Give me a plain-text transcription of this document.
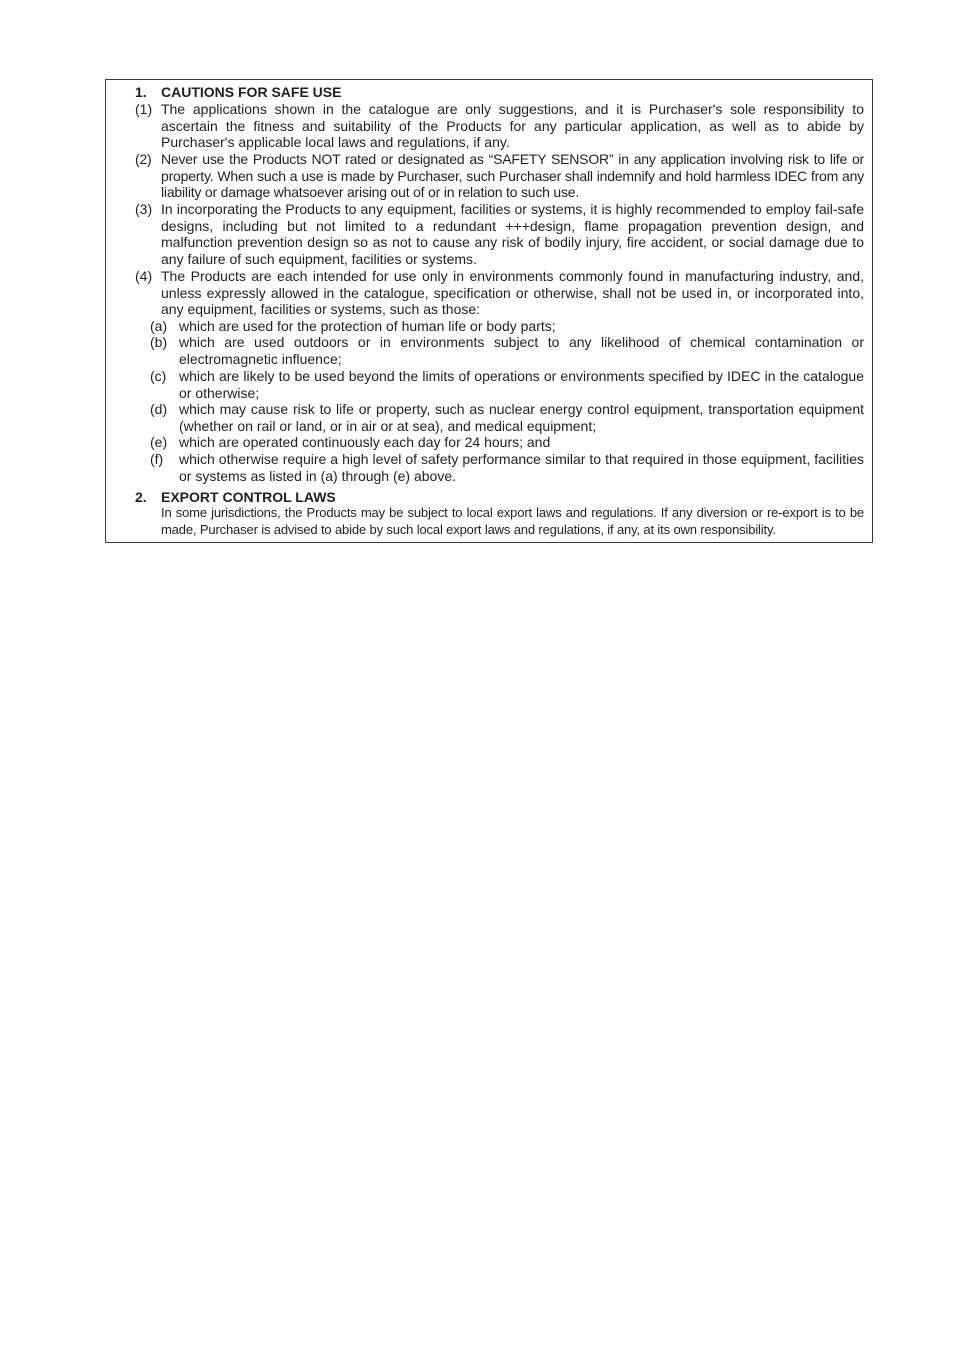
1. CAUTIONS FOR SAFE USE
(1) The applications shown in the catalogue are only suggestions, and it is Purchaser's sole responsibility to ascertain the fitness and suitability of the Products for any particular application, as well as to abide by Purchaser's applicable local laws and regulations, if any.
(2) Never use the Products NOT rated or designated as “SAFETY SENSOR” in any application involving risk to life or property. When such a use is made by Purchaser, such Purchaser shall indemnify and hold harmless IDEC from any liability or damage whatsoever arising out of or in relation to such use.
(3) In incorporating the Products to any equipment, facilities or systems, it is highly recommended to employ fail-safe designs, including but not limited to a redundant +++design, flame propagation prevention design, and malfunction prevention design so as not to cause any risk of bodily injury, fire accident, or social damage due to any failure of such equipment, facilities or systems.
(4) The Products are each intended for use only in environments commonly found in manufacturing industry, and, unless expressly allowed in the catalogue, specification or otherwise, shall not be used in, or incorporated into, any equipment, facilities or systems, such as those:
(a) which are used for the protection of human life or body parts;
(b) which are used outdoors or in environments subject to any likelihood of chemical contamination or electromagnetic influence;
(c) which are likely to be used beyond the limits of operations or environments specified by IDEC in the catalogue or otherwise;
(d) which may cause risk to life or property, such as nuclear energy control equipment, transportation equipment (whether on rail or land, or in air or at sea), and medical equipment;
(e) which are operated continuously each day for 24 hours; and
(f) which otherwise require a high level of safety performance similar to that required in those equipment, facilities or systems as listed in (a) through (e) above.
2. EXPORT CONTROL LAWS
In some jurisdictions, the Products may be subject to local export laws and regulations. If any diversion or re-export is to be made, Purchaser is advised to abide by such local export laws and regulations, if any, at its own responsibility.
